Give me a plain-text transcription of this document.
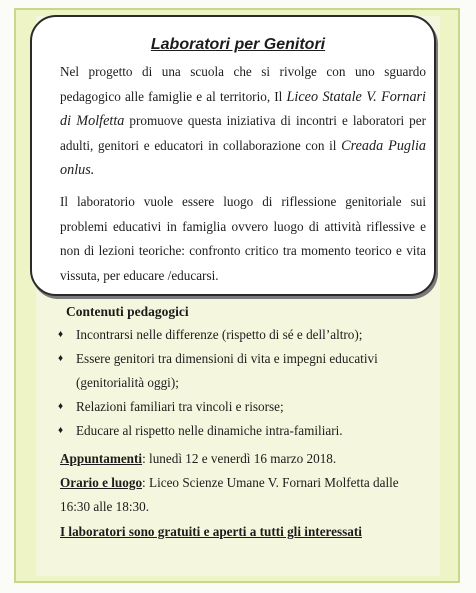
Laboratori per Genitori
Nel progetto di una scuola che si rivolge con uno sguardo pedagogico alle famiglie e al territorio, Il Liceo Statale V. Fornari di Molfetta promuove questa iniziativa di incontri e laboratori per adulti, genitori e educatori in collaborazione con il Creada Puglia onlus.
Il laboratorio vuole essere luogo di riflessione genitoriale sui problemi educativi in famiglia ovvero luogo di attività riflessive e non di lezioni teoriche: confronto critico tra momento teorico e vita vissuta, per educare /educarsi.
Contenuti pedagogici
♦ Incontrarsi nelle differenze (rispetto di sé e dell’altro);
♦ Essere genitori tra dimensioni di vita e impegni educativi (genitorialità oggi);
♦ Relazioni familiari tra vincoli e risorse;
♦ Educare al rispetto nelle dinamiche intra-familiari.
Appuntamenti: lunedì 12 e venerdì 16 marzo 2018.
Orario e luogo: Liceo Scienze Umane V. Fornari Molfetta dalle 16:30 alle 18:30.
I laboratori sono gratuiti e aperti a tutti gli interessati
